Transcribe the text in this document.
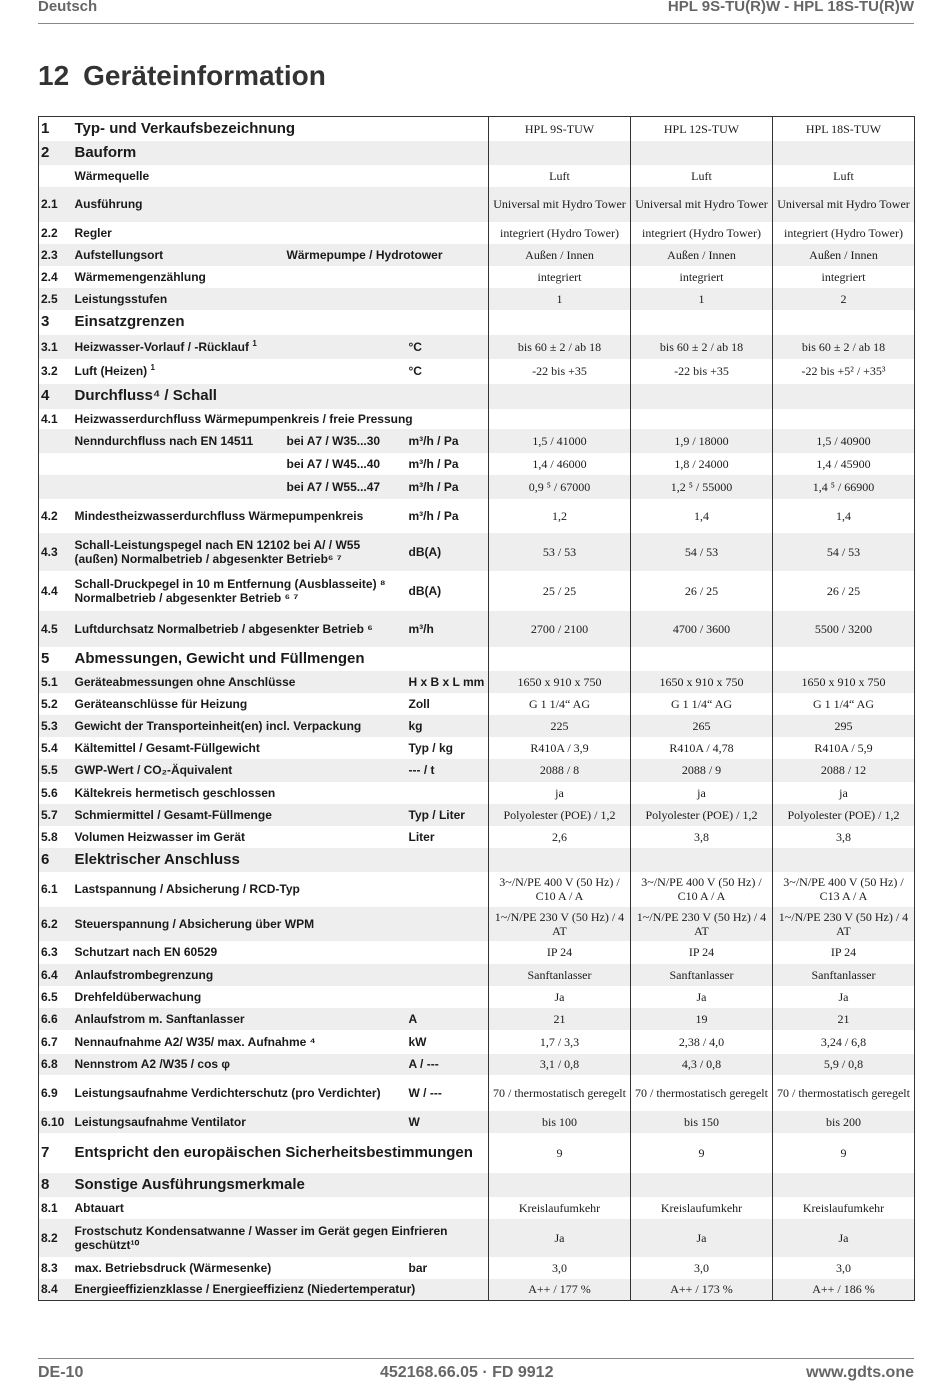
Deutsch	HPL 9S-TU(R)W - HPL 18S-TU(R)W
12 Geräteinformation
1	Typ- und Verkaufsbezeichnung			HPL 9S-TUW	HPL 12S-TUW	HPL 18S-TUW
2	Bauform					
	Wärmequelle			Luft	Luft	Luft
2.1	Ausführung			Universal mit Hydro Tower	Universal mit Hydro Tower	Universal mit Hydro Tower
2.2	Regler			integriert (Hydro Tower)	integriert (Hydro Tower)	integriert (Hydro Tower)
2.3	Aufstellungsort	Wärmepumpe / Hydrotower		Außen / Innen	Außen / Innen	Außen / Innen
2.4	Wärmemengenzählung			integriert	integriert	integriert
2.5	Leistungsstufen			1	1	2
3	Einsatzgrenzen					
3.1	Heizwasser-Vorlauf / -Rücklauf $^1$		°C	bis 60 ± 2 / ab 18	bis 60 ± 2 / ab 18	bis 60 ± 2 / ab 18
3.2	Luft (Heizen) $^1$		°C	-22 bis +35	-22 bis +35	-22 bis +5² / +35³
4	Durchfluss⁴ / Schall					
4.1	Heizwasserdurchfluss Wärmepumpenkreis / freie Pressung					
	Nenndurchfluss nach EN 14511	bei A7 / W35...30	m³/h / Pa	1,5 / 41000	1,9 / 18000	1,5 / 40900
		bei A7 / W45...40	m³/h / Pa	1,4 / 46000	1,8 / 24000	1,4 / 45900
		bei A7 / W55...47	m³/h / Pa	0,9 ⁵ / 67000	1,2 ⁵ / 55000	1,4 ⁵ / 66900
4.2	Mindestheizwasserdurchfluss Wärmepumpenkreis		m³/h / Pa	1,2	1,4	1,4
4.3	Schall-Leistungspegel nach EN 12102 bei A/ / W55 (außen) Normalbetrieb / abgesenkter Betrieb⁶ ⁷		dB(A)	53 / 53	54 / 53	54 / 53
4.4	Schall-Druckpegel in 10 m Entfernung (Ausblasseite) ⁸ Normalbetrieb / abgesenkter Betrieb ⁶ ⁷		dB(A)	25 / 25	26 / 25	26 / 25
4.5	Luftdurchsatz Normalbetrieb / abgesenkter Betrieb ⁶		m³/h	2700 / 2100	4700 / 3600	5500 / 3200
5	Abmessungen, Gewicht und Füllmengen					
5.1	Geräteabmessungen ohne Anschlüsse		H x B x L mm	1650 x 910 x 750	1650 x 910 x 750	1650 x 910 x 750
5.2	Geräteanschlüsse für Heizung		Zoll	G 1 1/4“ AG	G 1 1/4“ AG	G 1 1/4“ AG
5.3	Gewicht der Transporteinheit(en) incl. Verpackung		kg	225	265	295
5.4	Kältemittel / Gesamt-Füllgewicht		Typ / kg	R410A / 3,9	R410A / 4,78	R410A / 5,9
5.5	GWP-Wert / CO₂-Äquivalent		--- / t	2088 / 8	2088 / 9	2088 / 12
5.6	Kältekreis hermetisch geschlossen			ja	ja	ja
5.7	Schmiermittel / Gesamt-Füllmenge		Typ / Liter	Polyolester (POE) / 1,2	Polyolester (POE) / 1,2	Polyolester (POE) / 1,2
5.8	Volumen Heizwasser im Gerät		Liter	2,6	3,8	3,8
6	Elektrischer Anschluss					
6.1	Lastspannung / Absicherung / RCD-Typ			3~/N/PE 400 V (50 Hz) / C10 A / A	3~/N/PE 400 V (50 Hz) / C10 A / A	3~/N/PE 400 V (50 Hz) / C13 A / A
6.2	Steuerspannung / Absicherung über WPM			1~/N/PE 230 V (50 Hz) / 4 AT	1~/N/PE 230 V (50 Hz) / 4 AT	1~/N/PE 230 V (50 Hz) / 4 AT
6.3	Schutzart nach EN 60529			IP 24	IP 24	IP 24
6.4	Anlaufstrombegrenzung			Sanftanlasser	Sanftanlasser	Sanftanlasser
6.5	Drehfeldüberwachung			Ja	Ja	Ja
6.6	Anlaufstrom m. Sanftanlasser		A	21	19	21
6.7	Nennaufnahme A2/ W35/ max. Aufnahme ⁴		kW	1,7 / 3,3	2,38 / 4,0	3,24 / 6,8
6.8	Nennstrom A2 /W35 / cos φ		A / ---	3,1 / 0,8	4,3 / 0,8	5,9 / 0,8
6.9	Leistungsaufnahme Verdichterschutz (pro Verdichter)		W / ---	70 / thermostatisch geregelt	70 / thermostatisch geregelt	70 / thermostatisch geregelt
6.10	Leistungsaufnahme Ventilator		W	bis 100	bis 150	bis 200
7	Entspricht den europäischen Sicherheitsbestimmungen			9	9	9
8	Sonstige Ausführungsmerkmale					
8.1	Abtauart			Kreislaufumkehr	Kreislaufumkehr	Kreislaufumkehr
8.2	Frostschutz Kondensatwanne / Wasser im Gerät gegen Einfrieren geschützt¹⁰			Ja	Ja	Ja
8.3	max. Betriebsdruck (Wärmesenke)		bar	3,0	3,0	3,0
8.4	Energieeffizienzklasse / Energieeffizienz (Niedertemperatur)			A++ / 177 %	A++ / 173 %	A++ / 186 %
DE-10	452168.66.05 · FD 9912	www.gdts.one
